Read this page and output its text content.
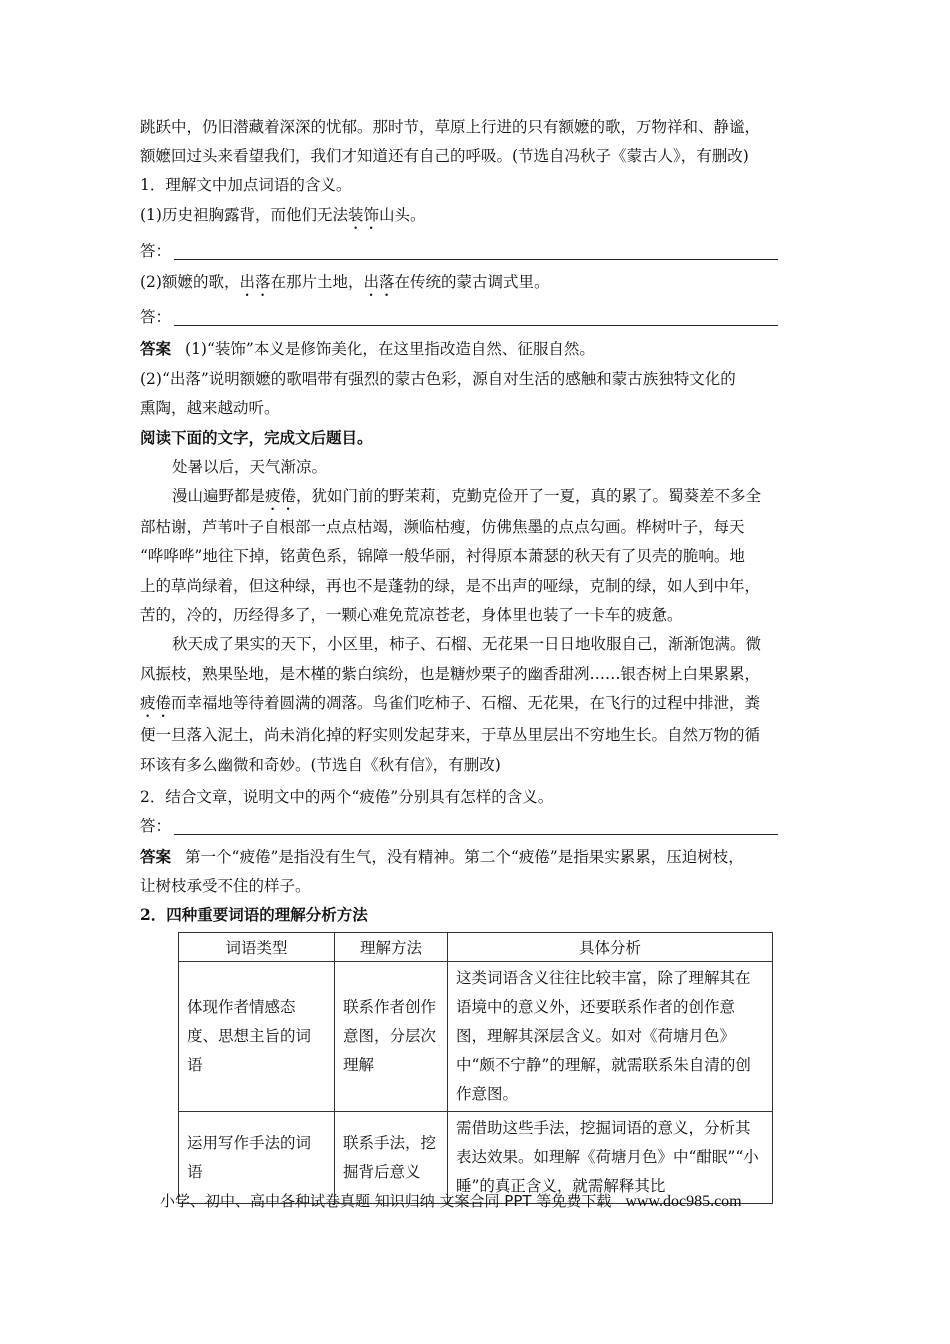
跳跃中，仍旧潜藏着深深的忧郁。那时节，草原上行进的只有额嬷的歌，万物祥和、静谧，
额嬷回过头来看望我们，我们才知道还有自己的呼吸。(节选自冯秋子《蒙古人》，有删改)
1．理解文中加点词语的含义。
(1)历史袒胸露背，而他们无法装饰山头。
答：
(2)额嬷的歌，出落在那片土地，出落在传统的蒙古调式里。
答：
答案 (1)“装饰”本义是修饰美化，在这里指改造自然、征服自然。
(2)“出落”说明额嬷的歌唱带有强烈的蒙古色彩，源自对生活的感触和蒙古族独特文化的
熏陶，越来越动听。
阅读下面的文字，完成文后题目。
处暑以后，天气渐凉。
漫山遍野都是疲倦，犹如门前的野茉莉，克勤克俭开了一夏，真的累了。蜀葵差不多全
部枯谢，芦苇叶子自根部一点点枯竭，濒临枯瘦，仿佛焦墨的点点勾画。桦树叶子，每天
“哗哗哗”地往下掉，铭黄色系，锦障一般华丽，衬得原本萧瑟的秋天有了贝壳的脆响。地
上的草尚绿着，但这种绿，再也不是蓬勃的绿，是不出声的哑绿，克制的绿，如人到中年，
苦的，冷的，历经得多了，一颗心难免荒凉苍老，身体里也装了一卡车的疲惫。
秋天成了果实的天下，小区里，柿子、石榴、无花果一日日地收服自己，渐渐饱满。微
风振枝，熟果坠地，是木槿的紫白缤纷，也是糖炒栗子的幽香甜冽……银杏树上白果累累，
疲倦而幸福地等待着圆满的凋落。鸟雀们吃柿子、石榴、无花果，在飞行的过程中排泄，粪
便一旦落入泥土，尚未消化掉的籽实则发起芽来，于草丛里层出不穷地生长。自然万物的循
环该有多么幽微和奇妙。(节选自《秋有信》，有删改)
2．结合文章，说明文中的两个“疲倦”分别具有怎样的含义。
答：
答案 第一个“疲倦”是指没有生气，没有精神。第二个“疲倦”是指果实累累，压迫树枝，
让树枝承受不住的样子。
2．四种重要词语的理解分析方法
词语类型	理解方法	具体分析
体现作者情感态度、思想主旨的词语	联系作者创作意图，分层次理解	这类词语含义往往比较丰富，除了理解其在语境中的意义外，还要联系作者的创作意图，理解其深层含义。如对《荷塘月色》中“颇不宁静”的理解，就需联系朱自清的创作意图。
运用写作手法的词语	联系手法，挖掘背后意义	需借助这些手法，挖掘词语的意义，分析其表达效果。如理解《荷塘月色》中“酣眠”“小睡”的真正含义，就需解释其比
小学、初中、高中各种试卷真题 知识归纳 文案合同 PPT 等免费下载 www.doc985.com
